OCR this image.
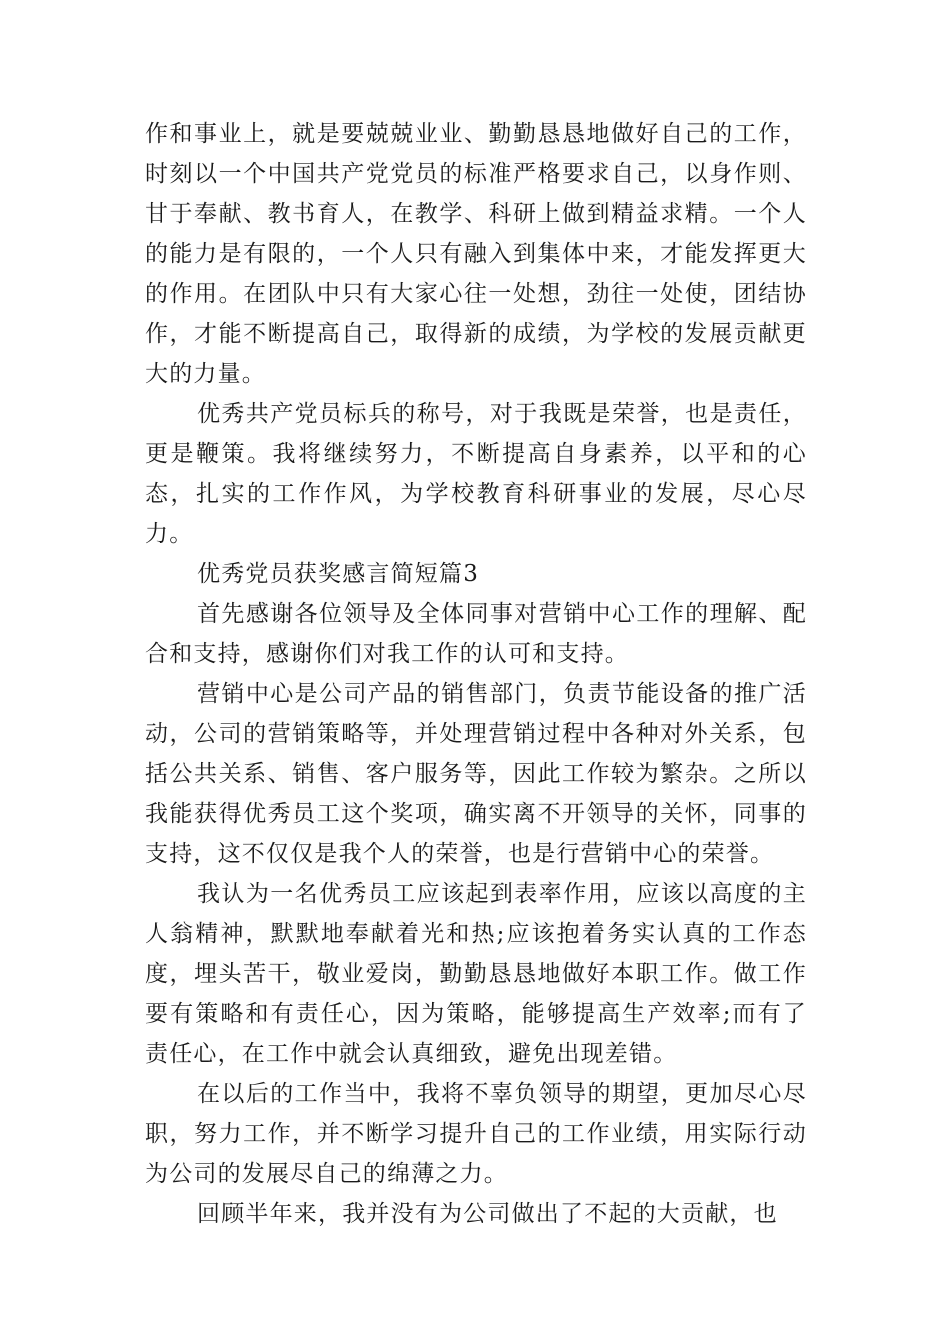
作和事业上，就是要兢兢业业、勤勤恳恳地做好自己的工作，时刻以一个中国共产党党员的标准严格要求自己，以身作则、甘于奉献、教书育人，在教学、科研上做到精益求精。一个人的能力是有限的，一个人只有融入到集体中来，才能发挥更大的作用。在团队中只有大家心往一处想，劲往一处使，团结协作，才能不断提高自己，取得新的成绩，为学校的发展贡献更大的力量。

优秀共产党员标兵的称号，对于我既是荣誉，也是责任，更是鞭策。我将继续努力，不断提高自身素养，以平和的心态，扎实的工作作风，为学校教育科研事业的发展，尽心尽力。

优秀党员获奖感言简短篇3

首先感谢各位领导及全体同事对营销中心工作的理解、配合和支持，感谢你们对我工作的认可和支持。

营销中心是公司产品的销售部门，负责节能设备的推广活动，公司的营销策略等，并处理营销过程中各种对外关系，包括公共关系、销售、客户服务等，因此工作较为繁杂。之所以我能获得优秀员工这个奖项，确实离不开领导的关怀，同事的支持，这不仅仅是我个人的荣誉，也是行营销中心的荣誉。

我认为一名优秀员工应该起到表率作用，应该以高度的主人翁精神，默默地奉献着光和热;应该抱着务实认真的工作态度，埋头苦干，敬业爱岗，勤勤恳恳地做好本职工作。做工作要有策略和有责任心，因为策略，能够提高生产效率;而有了责任心，在工作中就会认真细致，避免出现差错。

在以后的工作当中，我将不辜负领导的期望，更加尽心尽职，努力工作，并不断学习提升自己的工作业绩，用实际行动为公司的发展尽自己的绵薄之力。

回顾半年来，我并没有为公司做出了不起的大贡献，也
